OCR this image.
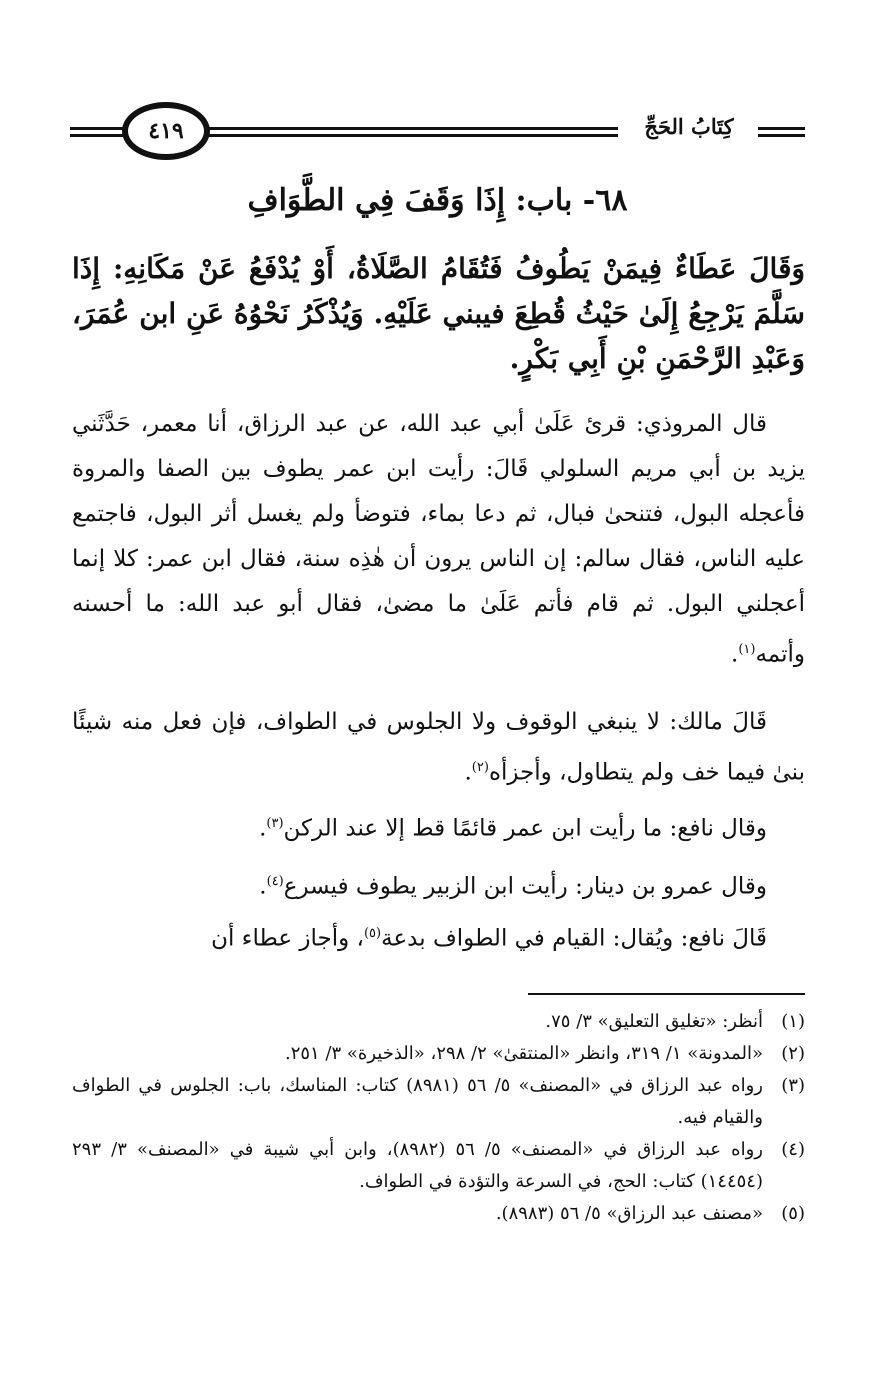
٤١٩	كِتَابُ الحَجِّ
٦٨- باب: إِذَا وَقَفَ فِي الطَّوَافِ
وَقَالَ عَطَاءٌ فِيمَنْ يَطُوفُ فَتُقَامُ الصَّلَاةُ، أَوْ يُدْفَعُ عَنْ مَكَانِهِ: إِذَا سَلَّمَ يَرْجِعُ إِلَىٰ حَيْثُ قُطِعَ فيبني عَلَيْهِ. وَيُذْكَرُ نَحْوُهُ عَنِ ابن عُمَرَ، وَعَبْدِ الرَّحْمَنِ بْنِ أَبِي بَكْرٍ.
قال المروذي: قرئ عَلَىٰ أبي عبد الله، عن عبد الرزاق، أنا معمر، حَدَّثَني يزيد بن أبي مريم السلولي قَالَ: رأيت ابن عمر يطوف بين الصفا والمروة فأعجله البول، فتنحىٰ فبال، ثم دعا بماء، فتوضأ ولم يغسل أثر البول، فاجتمع عليه الناس، فقال سالم: إن الناس يرون أن هٰذِه سنة، فقال ابن عمر: كلا إنما أعجلني البول. ثم قام فأتم عَلَىٰ ما مضىٰ، فقال أبو عبد الله: ما أحسنه وأتمه$^{(١)}$.
قَالَ مالك: لا ينبغي الوقوف ولا الجلوس في الطواف، فإن فعل منه شيئًا بنىٰ فيما خف ولم يتطاول، وأجزأه$^{(٢)}$.
وقال نافع: ما رأيت ابن عمر قائمًا قط إلا عند الركن$^{(٣)}$.
وقال عمرو بن دينار: رأيت ابن الزبير يطوف فيسرع$^{(٤)}$.
قَالَ نافع: ويُقال: القيام في الطواف بدعة$^{(٥)}$، وأجاز عطاء أن
(١)
أنظر: «تغليق التعليق» ٣/ ٧٥.
(٢)
«المدونة» ١/ ٣١٩، وانظر «المنتقىٰ» ٢/ ٢٩٨، «الذخيرة» ٣/ ٢٥١.
(٣)
رواه عبد الرزاق في «المصنف» ٥/ ٥٦ (٨٩٨١) كتاب: المناسك، باب: الجلوس في الطواف والقيام فيه.
(٤)
رواه عبد الرزاق في «المصنف» ٥/ ٥٦ (٨٩٨٢)، وابن أبي شيبة في «المصنف» ٣/ ٢٩٣ (١٤٤٥٤) كتاب: الحج، في السرعة والتؤدة في الطواف.
(٥)
«مصنف عبد الرزاق» ٥/ ٥٦ (٨٩٨٣).
